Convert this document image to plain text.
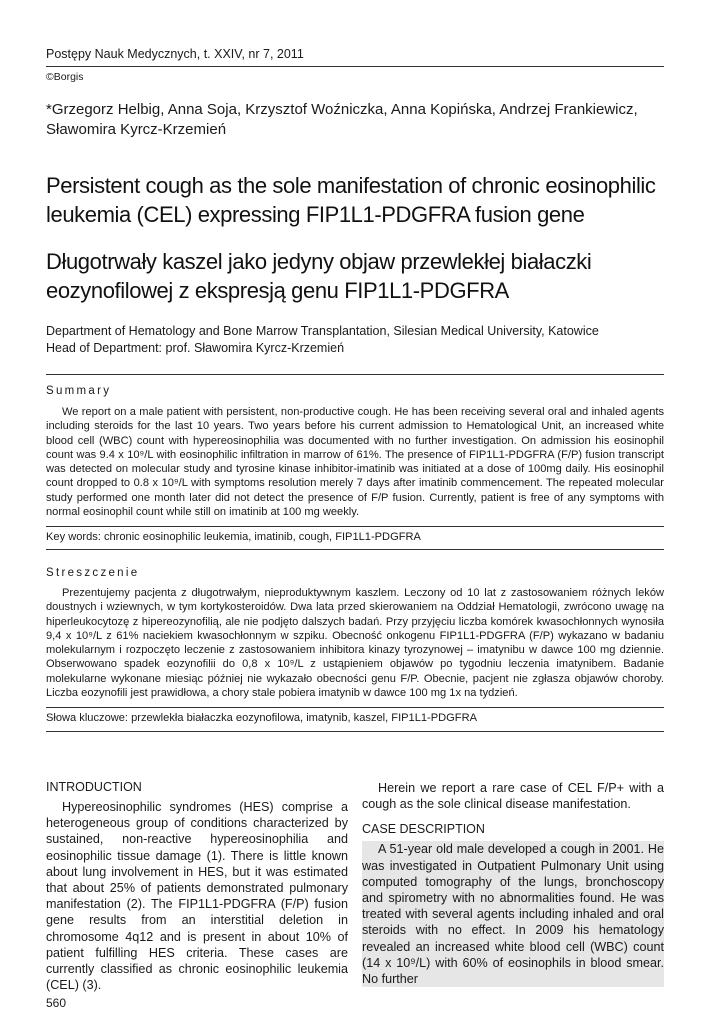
Postępy Nauk Medycznych, t. XXIV, nr 7, 2011
©Borgis
*Grzegorz Helbig, Anna Soja, Krzysztof Woźniczka, Anna Kopińska, Andrzej Frankiewicz,
Sławomira Kyrcz-Krzemień
Persistent cough as the sole manifestation of chronic eosinophilic
leukemia (CEL) expressing FIP1L1-PDGFRA fusion gene
Długotrwały kaszel jako jedyny objaw przewlekłej białaczki
eozynofilowej z ekspresją genu FIP1L1-PDGFRA
Department of Hematology and Bone Marrow Transplantation, Silesian Medical University, Katowice
Head of Department: prof. Sławomira Kyrcz-Krzemień
Summary
We report on a male patient with persistent, non-productive cough. He has been receiving several oral and inhaled agents including steroids for the last 10 years. Two years before his current admission to Hematological Unit, an increased white blood cell (WBC) count with hypereosinophilia was documented with no further investigation. On admission his eosinophil count was 9.4 x 10⁹/L with eosinophilic infiltration in marrow of 61%. The presence of FIP1L1-PDGFRA (F/P) fusion transcript was detected on molecular study and tyrosine kinase inhibitor-imatinib was initiated at a dose of 100mg daily. His eosinophil count dropped to 0.8 x 10⁹/L with symptoms resolution merely 7 days after imatinib commencement. The repeated molecular study performed one month later did not detect the presence of F/P fusion. Currently, patient is free of any symptoms with normal eosinophil count while still on imatinib at 100 mg weekly.
Key words: chronic eosinophilic leukemia, imatinib, cough, FIP1L1-PDGFRA
Streszczenie
Prezentujemy pacjenta z długotrwałym, nieproduktywnym kaszlem. Leczony od 10 lat z zastosowaniem różnych leków doustnych i wziewnych, w tym kortykosteroidów. Dwa lata przed skierowaniem na Oddział Hematologii, zwrócono uwagę na hiperleukocytozę z hipereozynofilią, ale nie podjęto dalszych badań. Przy przyjęciu liczba komórek kwasochłonnych wynosiła 9,4 x 10⁹/L z 61% naciekiem kwasochłonnym w szpiku. Obecność onkogenu FIP1L1-PDGFRA (F/P) wykazano w badaniu molekularnym i rozpoczęto leczenie z zastosowaniem inhibitora kinazy tyrozynowej – imatynibu w dawce 100 mg dziennie. Obserwowano spadek eozynofilii do 0,8 x 10⁹/L z ustąpieniem objawów po tygodniu leczenia imatynibem. Badanie molekularne wykonane miesiąc później nie wykazało obecności genu F/P. Obecnie, pacjent nie zgłasza objawów choroby. Liczba eozynofili jest prawidłowa, a chory stale pobiera imatynib w dawce 100 mg 1x na tydzień.
Słowa kluczowe: przewlekła białaczka eozynofilowa, imatynib, kaszel, FIP1L1-PDGFRA
INTRODUCTION

Hypereosinophilic syndromes (HES) comprise a heterogeneous group of conditions characterized by sustained, non-reactive hypereosinophilia and eosinophilic tissue damage (1). There is little known about lung involvement in HES, but it was estimated that about 25% of patients demonstrated pulmonary manifestation (2). The FIP1L1-PDGFRA (F/P) fusion gene results from an interstitial deletion in chromosome 4q12 and is present in about 10% of patient fulfilling HES criteria. These cases are currently classified as chronic eosinophilic leukemia (CEL) (3).

Herein we report a rare case of CEL F/P+ with a cough as the sole clinical disease manifestation.

CASE DESCRIPTION

A 51-year old male developed a cough in 2001. He was investigated in Outpatient Pulmonary Unit using computed tomography of the lungs, bronchoscopy and spirometry with no abnormalities found. He was treated with several agents including inhaled and oral steroids with no effect. In 2009 his hematology revealed an increased white blood cell (WBC) count (14 x 10⁹/L) with 60% of eosinophils in blood smear. No further

560
